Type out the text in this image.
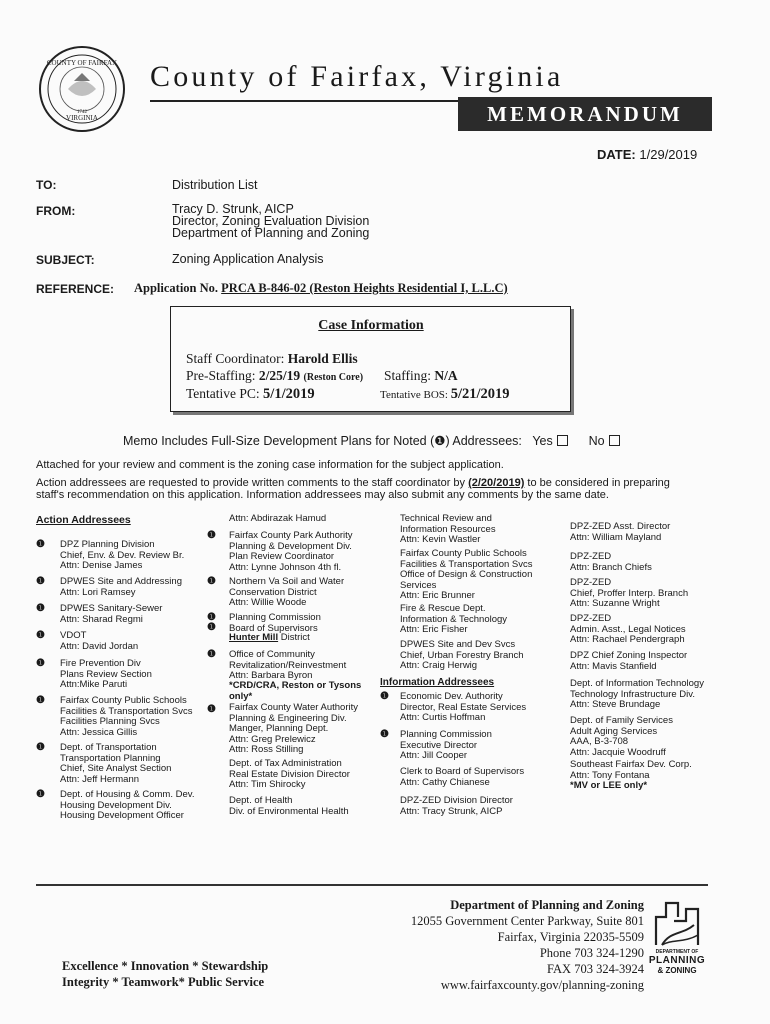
COUNTY OF FAIRFAX
VIRGINIA
1742
County of Fairfax, Virginia
MEMORANDUM
DATE: 1/29/2019
TO:	Distribution List
FROM:	Tracy D. Strunk, AICP
Director, Zoning Evaluation Division
Department of Planning and Zoning
SUBJECT:	Zoning Application Analysis
REFERENCE: Application No. PRCA B-846-02 (Reston Heights Residential I, L.L.C)
Case Information
Staff Coordinator: Harold Ellis
Pre-Staffing: 2/25/19 (Reston Core) Staffing: N/A
Tentative PC: 5/1/2019	Tentative BOS: 5/21/2019
Memo Includes Full-Size Development Plans for Noted (❶) Addressees: Yes	No
Attached for your review and comment is the zoning case information for the subject application.
Action addressees are requested to provide written comments to the staff coordinator by (2/20/2019) to be considered in preparing
staff's recommendation on this application. Information addressees may also submit any comments by the same date.
Action Addressees
❶ DPZ Planning Division
Chief, Env. & Dev. Review Br.
Attn: Denise James
❶ DPWES Site and Addressing
Attn: Lori Ramsey
❶ DPWES Sanitary-Sewer
Attn: Sharad Regmi
❶ VDOT
Attn: David Jordan
❶ Fire Prevention Div
Plans Review Section
Attn:Mike Paruti
❶ Fairfax County Public Schools
Facilities & Transportation Svcs
Facilities Planning Svcs
Attn: Jessica Gillis
❶ Dept. of Transportation
Transportation Planning
Chief, Site Analyst Section
Attn: Jeff Hermann
❶ Dept. of Housing & Comm. Dev.
Housing Development Div.
Housing Development Officer
Attn: Abdirazak Hamud
❶ Fairfax County Park Authority
Planning & Development Div.
Plan Review Coordinator
Attn: Lynne Johnson 4th fl.
❶ Northern Va Soil and Water
Conservation District
Attn: Willie Woode
❶
❶
Planning Commission
Board of Supervisors
Hunter Mill District
❶ Office of Community
Revitalization/Reinvestment
Attn: Barbara Byron
*CRD/CRA, Reston or Tysons
only*
❶ Fairfax County Water Authority
Planning & Engineering Div.
Manger, Planning Dept.
Attn: Greg Prelewicz
Attn: Ross Stilling
Dept. of Tax Administration
Real Estate Division Director
Attn: Tim Shirocky
Dept. of Health
Div. of Environmental Health
Technical Review and
Information Resources
Attn: Kevin Wastler
Fairfax County Public Schools
Facilities & Transportation Svcs
Office of Design & Construction
Services
Attn: Eric Brunner
Fire & Rescue Dept.
Information & Technology
Attn: Eric Fisher
DPWES Site and Dev Svcs
Chief, Urban Forestry Branch
Attn: Craig Herwig
Information Addressees
❶ Economic Dev. Authority
Director, Real Estate Services
Attn: Curtis Hoffman
❶ Planning Commission
Executive Director
Attn: Jill Cooper
Clerk to Board of Supervisors
Attn: Cathy Chianese
DPZ-ZED Division Director
Attn: Tracy Strunk, AICP
DPZ-ZED Asst. Director
Attn: William Mayland
DPZ-ZED
Attn: Branch Chiefs
DPZ-ZED
Chief, Proffer Interp. Branch
Attn: Suzanne Wright
DPZ-ZED
Admin. Asst., Legal Notices
Attn: Rachael Pendergraph
DPZ Chief Zoning Inspector
Attn: Mavis Stanfield
Dept. of Information Technology
Technology Infrastructure Div.
Attn: Steve Brundage
Dept. of Family Services
Adult Aging Services
AAA, B-3-708
Attn: Jacquie Woodruff
Southeast Fairfax Dev. Corp.
Attn: Tony Fontana
*MV or LEE only*
Excellence * Innovation * Stewardship
Integrity * Teamwork* Public Service
Department of Planning and Zoning
12055 Government Center Parkway, Suite 801
Fairfax, Virginia 22035-5509
Phone 703 324-1290
FAX 703 324-3924
www.fairfaxcounty.gov/planning-zoning
DEPARTMENT OF
PLANNING
& ZONING
